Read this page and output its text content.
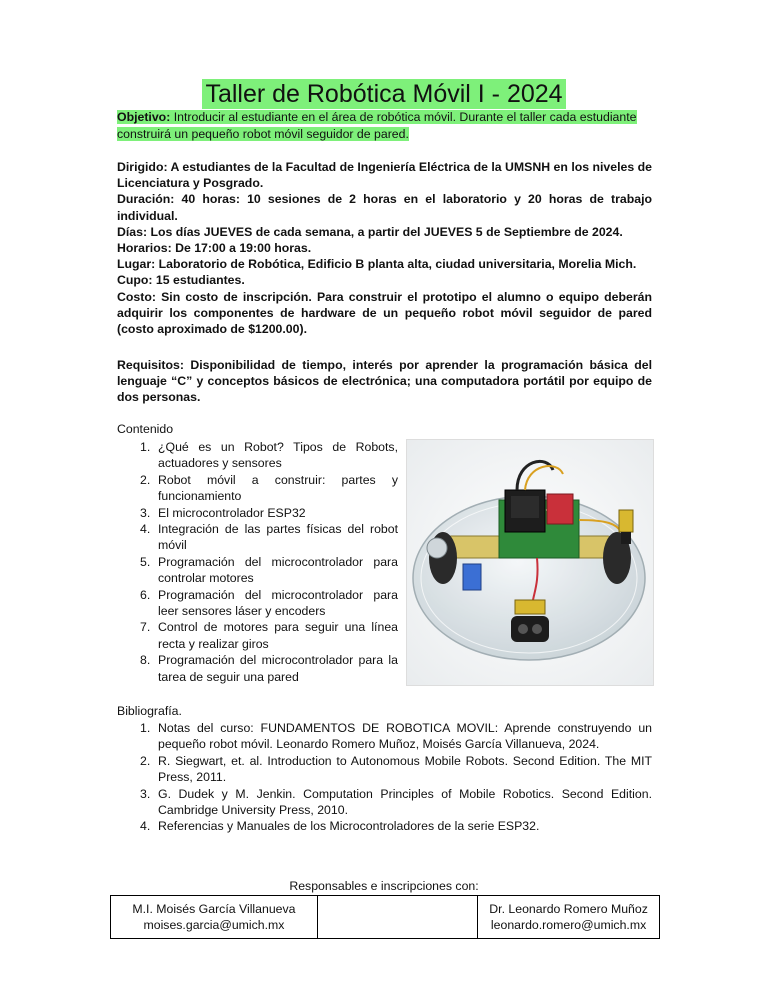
Taller de Robótica Móvil I - 2024
Objetivo: Introducir al estudiante en el área de robótica móvil. Durante el taller cada estudiante construirá un pequeño robot móvil seguidor de pared.

Dirigido: A estudiantes de la Facultad de Ingeniería Eléctrica de la UMSNH en los niveles de Licenciatura y Posgrado.

Duración: 40 horas: 10 sesiones de 2 horas en el laboratorio y 20 horas de trabajo individual.

Días: Los días JUEVES de cada semana, a partir del JUEVES 5 de Septiembre de 2024.

Horarios: De 17:00 a 19:00 horas.

Lugar: Laboratorio de Robótica, Edificio B planta alta, ciudad universitaria, Morelia Mich.

Cupo: 15 estudiantes.

Costo: Sin costo de inscripción. Para construir el prototipo el alumno o equipo deberán adquirir los componentes de hardware de un pequeño robot móvil seguidor de pared (costo aproximado de $1200.00).

Requisitos: Disponibilidad de tiempo, interés por aprender la programación básica del lenguaje “C” y conceptos básicos de electrónica; una computadora portátil por equipo de dos personas.

Contenido
1. ¿Qué es un Robot? Tipos de Robots, actuadores y sensores
2. Robot móvil a construir: partes y funcionamiento
3. El microcontrolador ESP32
4. Integración de las partes físicas del robot móvil
5. Programación del microcontrolador para controlar motores
6. Programación del microcontrolador para leer sensores láser y encoders
7. Control de motores para seguir una línea recta y realizar giros
8. Programación del microcontrolador para la tarea de seguir una pared
Bibliografía.
1. Notas del curso: FUNDAMENTOS DE ROBOTICA MOVIL: Aprende construyendo un pequeño robot móvil. Leonardo Romero Muñoz, Moisés García Villanueva, 2024.
2. R. Siegwart, et. al. Introduction to Autonomous Mobile Robots. Second Edition. The MIT Press, 2011.
3. G. Dudek y M. Jenkin. Computation Principles of Mobile Robotics. Second Edition. Cambridge University Press, 2010.
4. Referencias y Manuales de los Microcontroladores de la serie ESP32.
Responsables e inscripciones con:
M.I. Moisés García Villanueva
moises.garcia@umich.mx

Dr. Leonardo Romero Muñoz
leonardo.romero@umich.mx
